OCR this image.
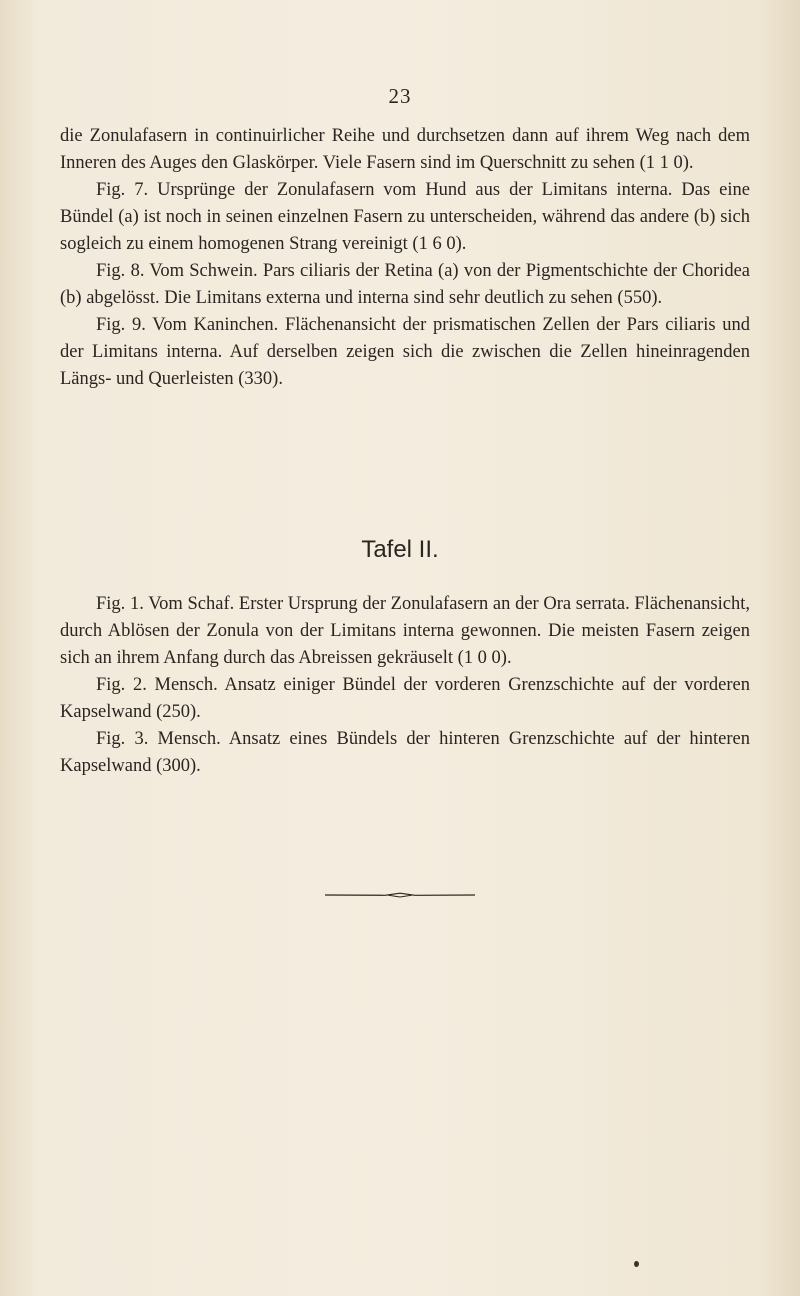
23

die Zonulafasern in continuirlicher Reihe und durchsetzen dann auf ihrem Weg nach dem Inneren des Auges den Glaskörper. Viele Fasern sind im Querschnitt zu sehen (1 1 0).

Fig. 7. Ursprünge der Zonulafasern vom Hund aus der Limitans interna. Das eine Bündel (a) ist noch in seinen einzelnen Fasern zu unterscheiden, während das andere (b) sich sogleich zu einem homogenen Strang vereinigt (1 6 0).

Fig. 8. Vom Schwein. Pars ciliaris der Retina (a) von der Pigmentschichte der Choridea (b) abgelösst. Die Limitans externa und interna sind sehr deutlich zu sehen (550).

Fig. 9. Vom Kaninchen. Flächenansicht der prismatischen Zellen der Pars ciliaris und der Limitans interna. Auf derselben zeigen sich die zwischen die Zellen hineinragenden Längs- und Querleisten (330).

Tafel II.

Fig. 1. Vom Schaf. Erster Ursprung der Zonulafasern an der Ora serrata. Flächenansicht, durch Ablösen der Zonula von der Limitans interna gewonnen. Die meisten Fasern zeigen sich an ihrem Anfang durch das Abreissen gekräuselt (1 0 0).

Fig. 2. Mensch. Ansatz einiger Bündel der vorderen Grenzschichte auf der vorderen Kapselwand (250).

Fig. 3. Mensch. Ansatz eines Bündels der hinteren Grenzschichte auf der hinteren Kapselwand (300).
